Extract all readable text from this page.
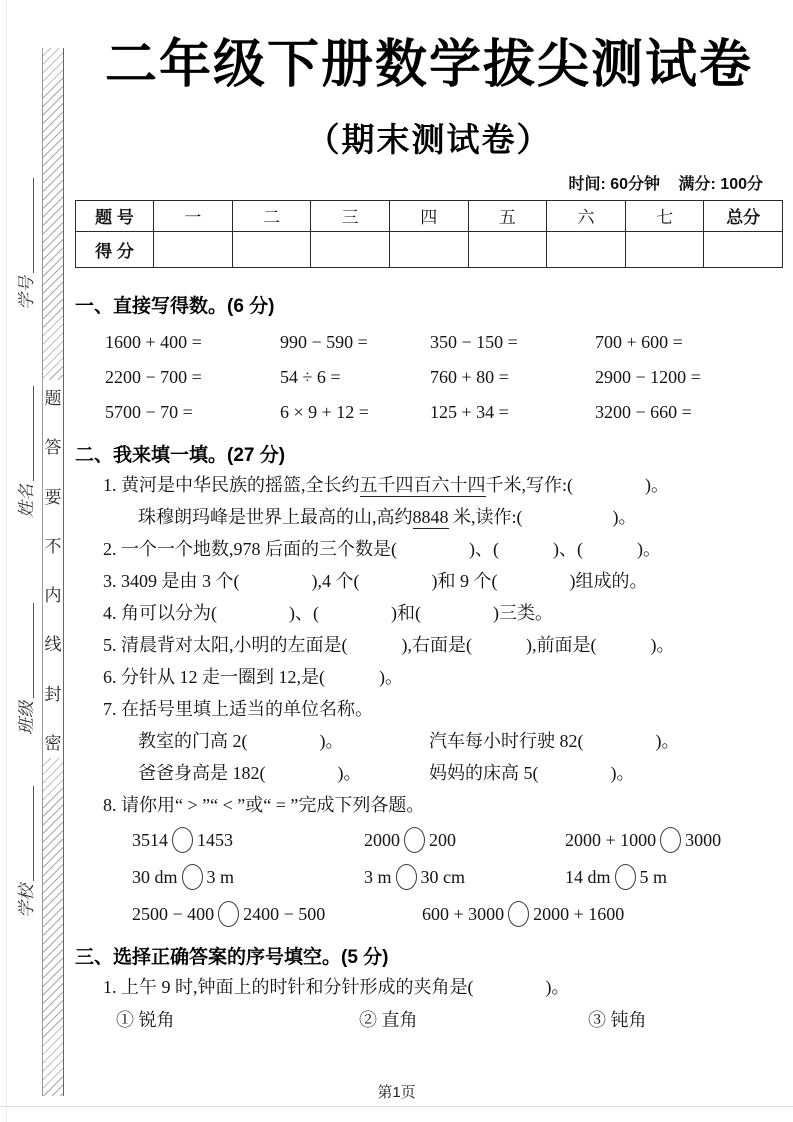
题
答
要
不
内
线
封
密
学号
姓名
班级
学校
二年级下册数学拔尖测试卷
（期末测试卷）
时间: 60分钟 满分: 100分
题 号	一	二	三	四	五	六	七	总分
得 分								
一、直接写得数。(6 分)
1600 + 400 =	990 − 590 =	350 − 150 =	700 + 600 =
2200 − 700 =	54 ÷ 6 =	760 + 80 =	2900 − 1200 =
5700 − 70 =	6 × 9 + 12 =	125 + 34 =	3200 − 660 =
二、我来填一填。(27 分)
1. 黄河是中华民族的摇篮,全长约五千四百六十四千米,写作:(　　　　)。
珠穆朗玛峰是世界上最高的山,高约8848 米,读作:(　　　　　)。
2. 一个一个地数,978 后面的三个数是(　　　　)、(　　　)、(　　　)。
3. 3409 是由 3 个(　　　　),4 个(　　　　)和 9 个(　　　　)组成的。
4. 角可以分为(　　　　)、(　　　　)和(　　　　)三类。
5. 清晨背对太阳,小明的左面是(　　　),右面是(　　　),前面是(　　　)。
6. 分针从 12 走一圈到 12,是(　　　)。
7. 在括号里填上适当的单位名称。
教室的门高 2(　　　　)。	汽车每小时行驶 82(　　　　)。
爸爸身高是 182(　　　　)。	妈妈的床高 5(　　　　)。
8. 请你用“ > ”“ < ”或“ = ”完成下列各题。
3514 1453	2000 200	2000 + 1000 3000
30 dm 3 m	3 m 30 cm	14 dm 5 m
2500 − 400 2400 − 500	600 + 3000 2000 + 1600
三、选择正确答案的序号填空。(5 分)
1. 上午 9 时,钟面上的时针和分针形成的夹角是(　　　　)。
① 锐角	② 直角	③ 钝角
第1页
